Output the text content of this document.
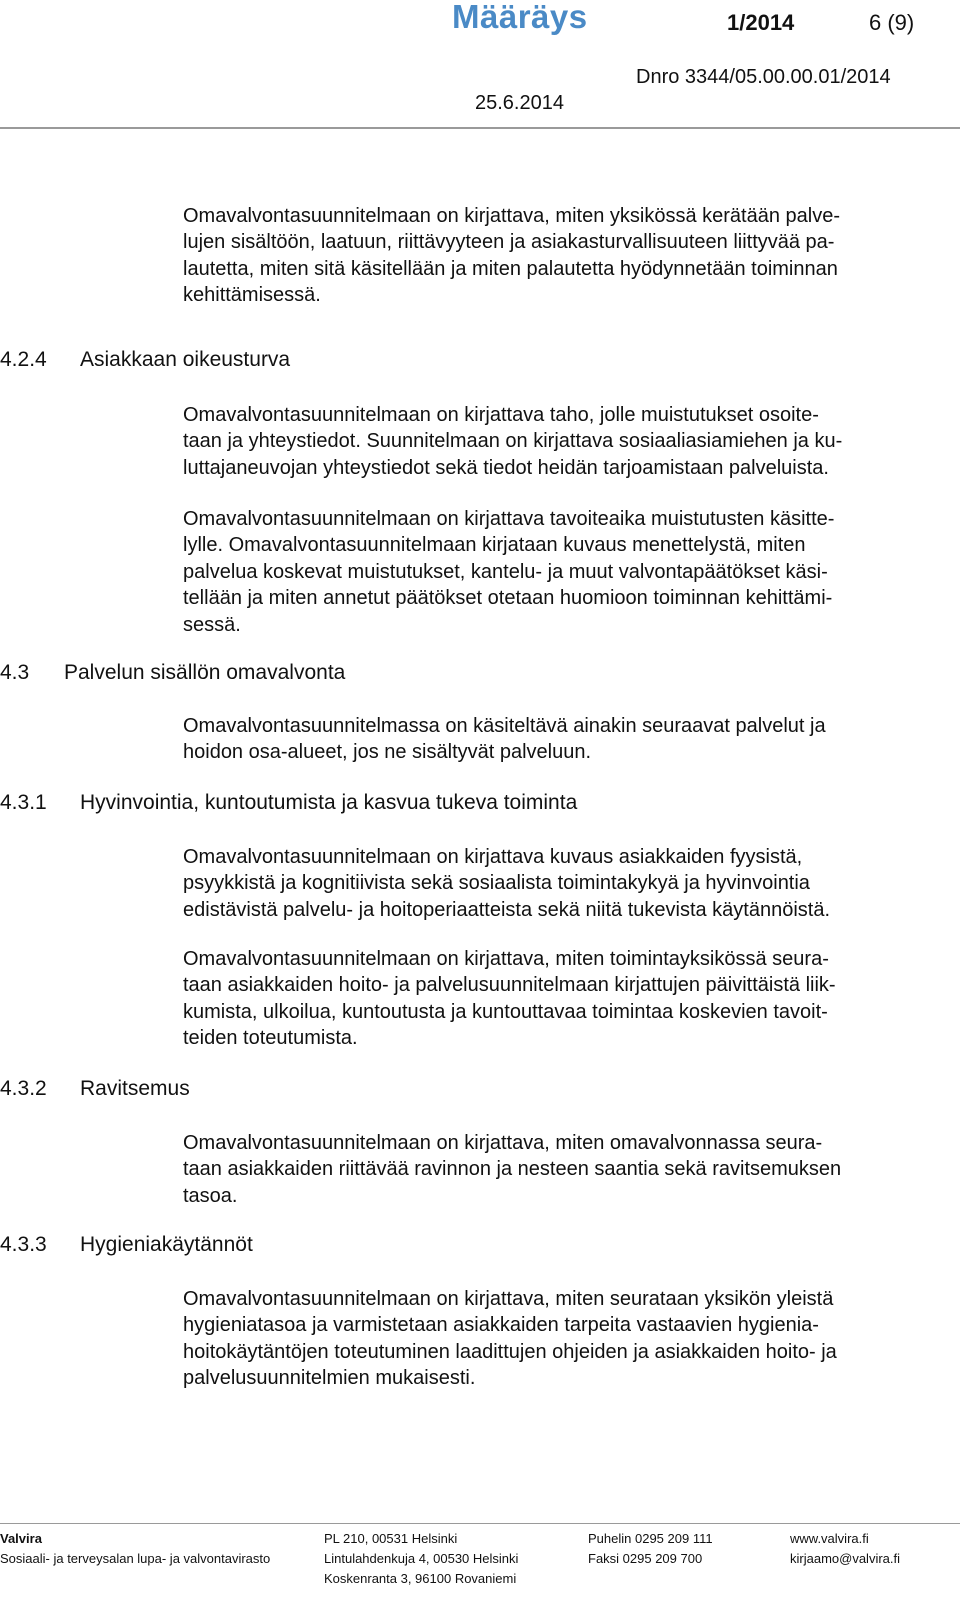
Määräys	1/2014	6 (9)
Dnro 3344/05.00.00.01/2014
25.6.2014
Omavalvontasuunnitelmaan on kirjattava, miten yksikössä kerätään palve-
lujen sisältöön, laatuun, riittävyyteen ja asiakasturvallisuuteen liittyvää pa-
lautetta, miten sitä käsitellään ja miten palautetta hyödynnetään toiminnan
kehittämisessä.
4.2.4 Asiakkaan oikeusturva
Omavalvontasuunnitelmaan on kirjattava taho, jolle muistutukset osoite-
taan ja yhteystiedot. Suunnitelmaan on kirjattava sosiaaliasiamiehen ja ku-
luttajaneuvojan yhteystiedot sekä tiedot heidän tarjoamistaan palveluista.
Omavalvontasuunnitelmaan on kirjattava tavoiteaika muistutusten käsitte-
lylle. Omavalvontasuunnitelmaan kirjataan kuvaus menettelystä, miten
palvelua koskevat muistutukset, kantelu- ja muut valvontapäätökset käsi-
tellään ja miten annetut päätökset otetaan huomioon toiminnan kehittämi-
sessä.
4.3 Palvelun sisällön omavalvonta
Omavalvontasuunnitelmassa on käsiteltävä ainakin seuraavat palvelut ja
hoidon osa-alueet, jos ne sisältyvät palveluun.
4.3.1 Hyvinvointia, kuntoutumista ja kasvua tukeva toiminta
Omavalvontasuunnitelmaan on kirjattava kuvaus asiakkaiden fyysistä,
psyykkistä ja kognitiivista sekä sosiaalista toimintakykyä ja hyvinvointia
edistävistä palvelu- ja hoitoperiaatteista sekä niitä tukevista käytännöistä.
Omavalvontasuunnitelmaan on kirjattava, miten toimintayksikössä seura-
taan asiakkaiden hoito- ja palvelusuunnitelmaan kirjattujen päivittäistä liik-
kumista, ulkoilua, kuntoutusta ja kuntouttavaa toimintaa koskevien tavoit-
teiden toteutumista.
4.3.2 Ravitsemus
Omavalvontasuunnitelmaan on kirjattava, miten omavalvonnassa seura-
taan asiakkaiden riittävää ravinnon ja nesteen saantia sekä ravitsemuksen
tasoa.
4.3.3 Hygieniakäytännöt
Omavalvontasuunnitelmaan on kirjattava, miten seurataan yksikön yleistä
hygieniatasoa ja varmistetaan asiakkaiden tarpeita vastaavien hygienia-
hoitokäytäntöjen toteutuminen laadittujen ohjeiden ja asiakkaiden hoito- ja
palvelusuunnitelmien mukaisesti.
Valvira
Sosiaali- ja terveysalan lupa- ja valvontavirasto
PL 210, 00531 Helsinki
Lintulahdenkuja 4, 00530 Helsinki
Koskenranta 3, 96100 Rovaniemi
Puhelin 0295 209 111
Faksi 0295 209 700
www.valvira.fi
kirjaamo@valvira.fi
